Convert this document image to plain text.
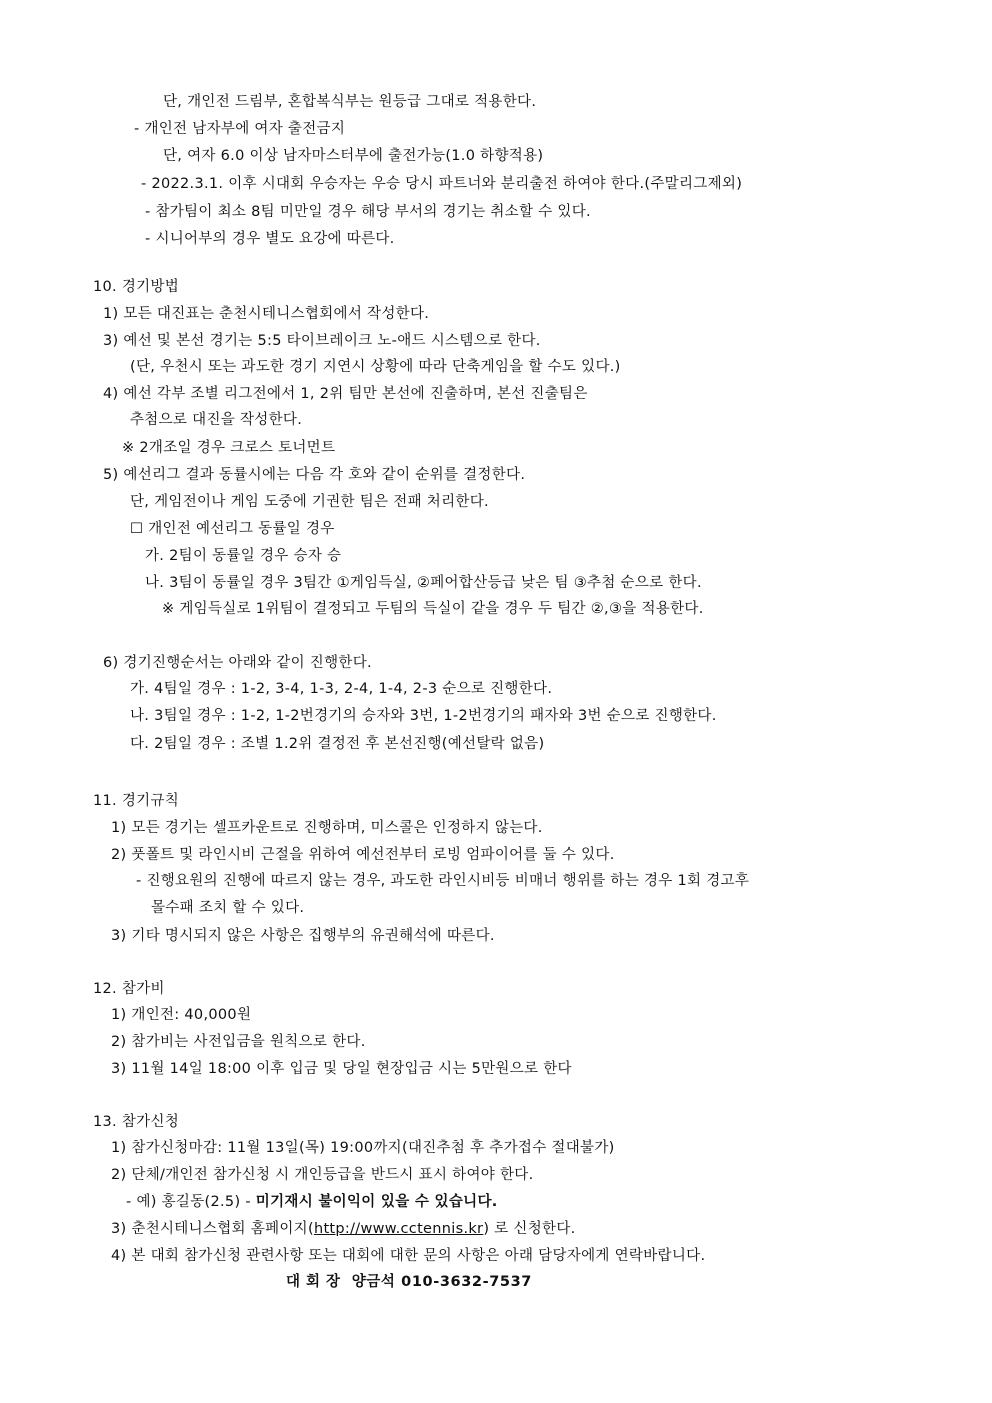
단, 개인전 드림부, 혼합복식부는 원등급 그대로 적용한다.
- 개인전 남자부에 여자 출전금지
단, 여자 6.0 이상 남자마스터부에 출전가능(1.0 하향적용)
- 2022.3.1. 이후 시대회 우승자는 우승 당시 파트너와 분리출전 하여야 한다.(주말리그제외)
- 참가팀이 최소 8팀 미만일 경우 해당 부서의 경기는 취소할 수 있다.
- 시니어부의 경우 별도 요강에 따른다.
10. 경기방법
1) 모든 대진표는 춘천시테니스협회에서 작성한다.
3) 예선 및 본선 경기는 5:5 타이브레이크 노-애드 시스템으로 한다.
(단, 우천시 또는 과도한 경기 지연시 상황에 따라 단축게임을 할 수도 있다.)
4) 예선 각부 조별 리그전에서 1, 2위 팀만 본선에 진출하며, 본선 진출팀은
추첨으로 대진을 작성한다.
※ 2개조일 경우 크로스 토너먼트
5) 예선리그 결과 동률시에는 다음 각 호와 같이 순위를 결정한다.
단, 게임전이나 게임 도중에 기권한 팀은 전패 처리한다.
☐ 개인전 예선리그 동률일 경우
가. 2팀이 동률일 경우 승자 승
나. 3팀이 동률일 경우 3팀간 ①게임득실, ②페어합산등급 낮은 팀 ③추첨 순으로 한다.
※ 게임득실로 1위팀이 결정되고 두팀의 득실이 같을 경우 두 팀간 ②,③을 적용한다.
6) 경기진행순서는 아래와 같이 진행한다.
가. 4팀일 경우 : 1-2, 3-4, 1-3, 2-4, 1-4, 2-3 순으로 진행한다.
나. 3팀일 경우 : 1-2, 1-2번경기의 승자와 3번, 1-2번경기의 패자와 3번 순으로 진행한다.
다. 2팀일 경우 : 조별 1.2위 결정전 후 본선진행(예선탈락 없음)
11. 경기규칙
1) 모든 경기는 셀프카운트로 진행하며, 미스콜은 인정하지 않는다.
2) 풋폴트 및 라인시비 근절을 위하여 예선전부터 로빙 엄파이어를 둘 수 있다.
- 진행요원의 진행에 따르지 않는 경우, 과도한 라인시비등 비매너 행위를 하는 경우 1회 경고후
몰수패 조치 할 수 있다.
3) 기타 명시되지 않은 사항은 집행부의 유권해석에 따른다.
12. 참가비
1) 개인전: 40,000원
2) 참가비는 사전입금을 원칙으로 한다.
3) 11월 14일 18:00 이후 입금 및 당일 현장입금 시는 5만원으로 한다
13. 참가신청
1) 참가신청마감: 11월 13일(목) 19:00까지(대진추첨 후 추가접수 절대불가)
2) 단체/개인전 참가신청 시 개인등급을 반드시 표시 하여야 한다.
- 예) 홍길동(2.5) - 미기재시 불이익이 있을 수 있습니다.
3) 춘천시테니스협회 홈페이지(http://www.cctennis.kr) 로 신청한다.
4) 본 대회 참가신청 관련사항 또는 대회에 대한 문의 사항은 아래 담당자에게 연락바랍니다.
대회장 양금석 010-3632-7537
